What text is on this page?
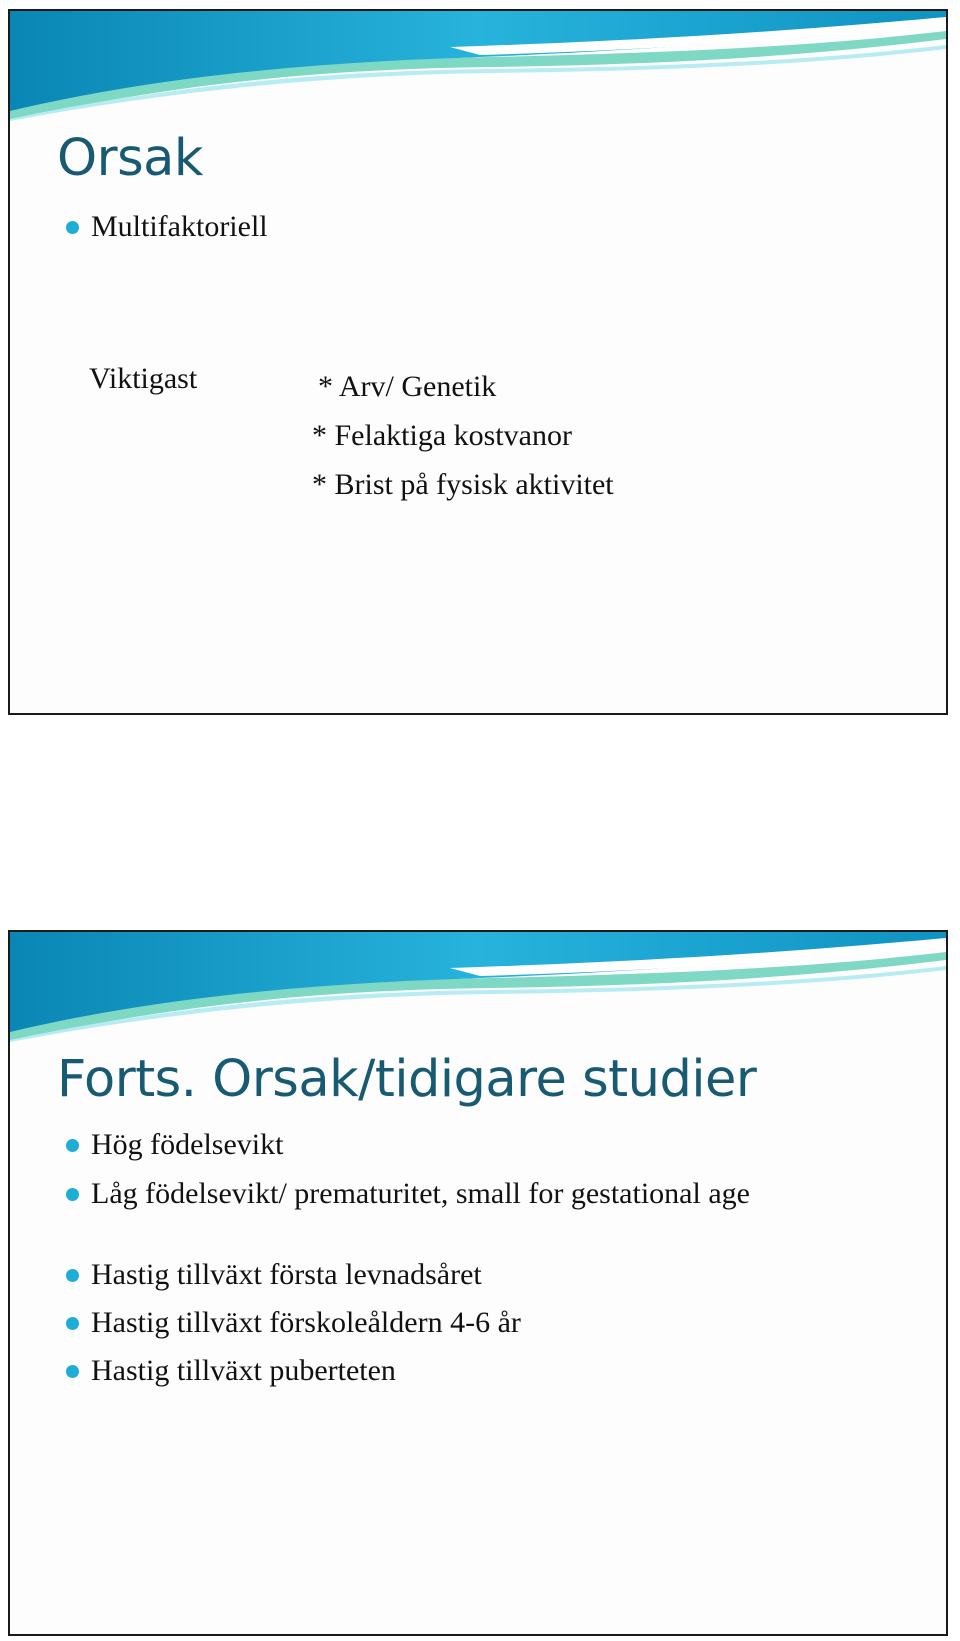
Orsak
Multifaktoriell
Viktigast	* Arv/ Genetik
* Felaktiga kostvanor
* Brist på fysisk aktivitet
Forts. Orsak/tidigare studier
Hög födelsevikt
Låg födelsevikt/ prematuritet, small for gestational age
Hastig tillväxt första levnadsåret
Hastig tillväxt förskoleåldern 4-6 år
Hastig tillväxt puberteten
